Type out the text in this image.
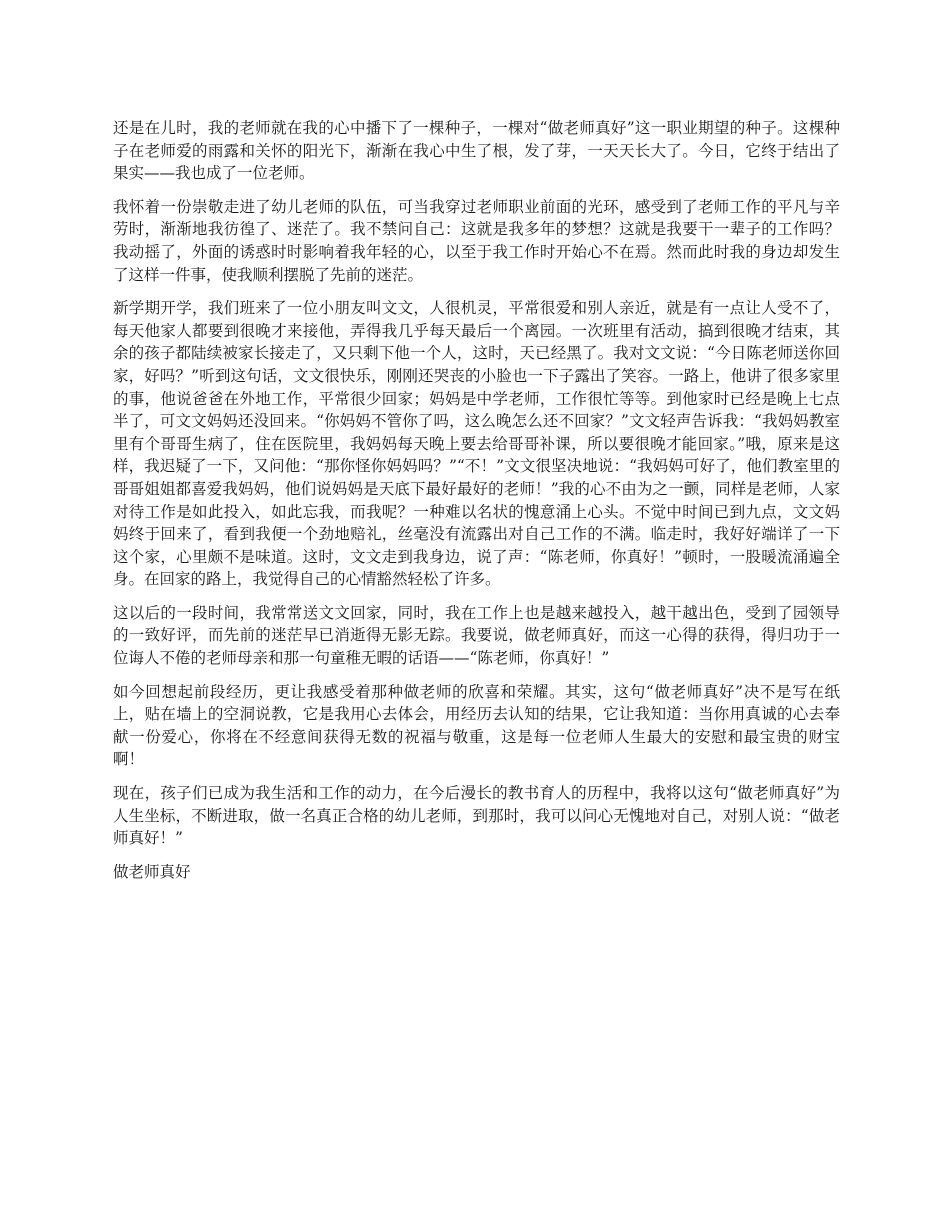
还是在儿时，我的老师就在我的心中播下了一棵种子，一棵对“做老师真好”这一职业期望的种子。这棵种子在老师爱的雨露和关怀的阳光下，渐渐在我心中生了根，发了芽，一天天长大了。今日，它终于结出了果实——我也成了一位老师。

我怀着一份崇敬走进了幼儿老师的队伍，可当我穿过老师职业前面的光环，感受到了老师工作的平凡与辛劳时，渐渐地我彷徨了、迷茫了。我不禁问自己：这就是我多年的梦想？这就是我要干一辈子的工作吗？我动摇了，外面的诱惑时时影响着我年轻的心，以至于我工作时开始心不在焉。然而此时我的身边却发生了这样一件事，使我顺利摆脱了先前的迷茫。

新学期开学，我们班来了一位小朋友叫文文，人很机灵，平常很爱和别人亲近，就是有一点让人受不了，每天他家人都要到很晚才来接他，弄得我几乎每天最后一个离园。一次班里有活动，搞到很晚才结束，其余的孩子都陆续被家长接走了，又只剩下他一个人，这时，天已经黑了。我对文文说：“今日陈老师送你回家，好吗？”听到这句话，文文很快乐，刚刚还哭丧的小脸也一下子露出了笑容。一路上，他讲了很多家里的事，他说爸爸在外地工作，平常很少回家；妈妈是中学老师，工作很忙等等。到他家时已经是晚上七点半了，可文文妈妈还没回来。“你妈妈不管你了吗，这么晚怎么还不回家？”文文轻声告诉我：“我妈妈教室里有个哥哥生病了，住在医院里，我妈妈每天晚上要去给哥哥补课，所以要很晚才能回家。”哦，原来是这样，我迟疑了一下，又问他：“那你怪你妈妈吗？”“不！”文文很坚决地说：“我妈妈可好了，他们教室里的哥哥姐姐都喜爱我妈妈，他们说妈妈是天底下最好最好的老师！”我的心不由为之一颤，同样是老师，人家对待工作是如此投入，如此忘我，而我呢？一种难以名状的愧意涌上心头。不觉中时间已到九点，文文妈妈终于回来了，看到我便一个劲地赔礼，丝毫没有流露出对自己工作的不满。临走时，我好好端详了一下这个家，心里颇不是味道。这时，文文走到我身边，说了声：“陈老师，你真好！”顿时，一股暖流涌遍全身。在回家的路上，我觉得自己的心情豁然轻松了许多。

这以后的一段时间，我常常送文文回家，同时，我在工作上也是越来越投入，越干越出色，受到了园领导的一致好评，而先前的迷茫早已消逝得无影无踪。我要说，做老师真好，而这一心得的获得，得归功于一位诲人不倦的老师母亲和那一句童稚无暇的话语——“陈老师，你真好！”

如今回想起前段经历，更让我感受着那种做老师的欣喜和荣耀。其实，这句“做老师真好”决不是写在纸上，贴在墙上的空洞说教，它是我用心去体会，用经历去认知的结果，它让我知道：当你用真诚的心去奉献一份爱心，你将在不经意间获得无数的祝福与敬重，这是每一位老师人生最大的安慰和最宝贵的财宝啊！

现在，孩子们已成为我生活和工作的动力，在今后漫长的教书育人的历程中，我将以这句“做老师真好”为人生坐标，不断进取，做一名真正合格的幼儿老师，到那时，我可以问心无愧地对自己，对别人说：“做老师真好！”

做老师真好
